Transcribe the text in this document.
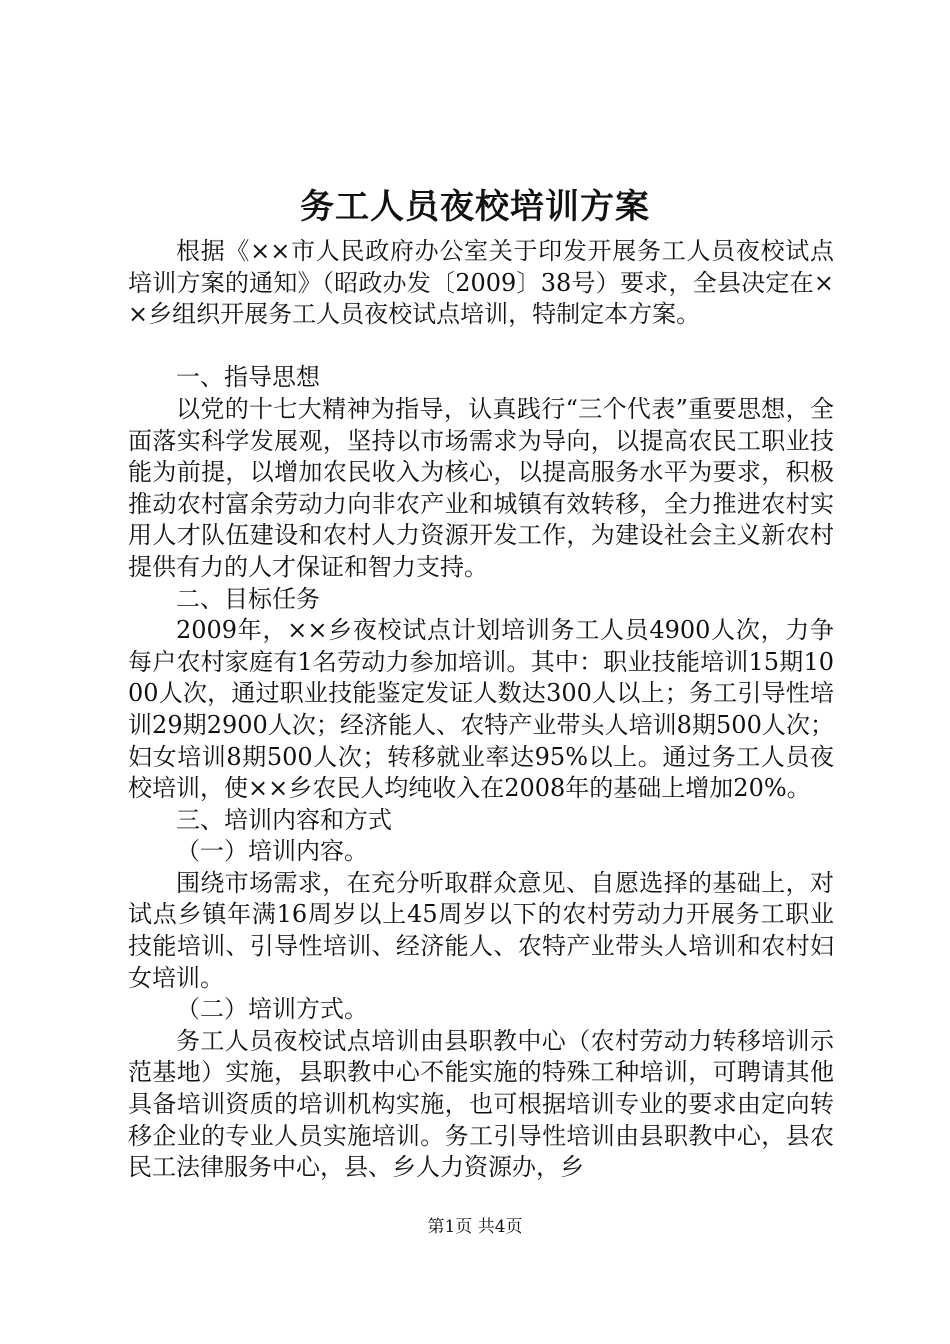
务工人员夜校培训方案

根据《××市人民政府办公室关于印发开展务工人员夜校试点培训方案的通知》（昭政办发〔2009〕38号）要求，全县决定在××乡组织开展务工人员夜校试点培训，特制定本方案。

一、指导思想

以党的十七大精神为指导，认真践行“三个代表”重要思想，全面落实科学发展观，坚持以市场需求为导向，以提高农民工职业技能为前提，以增加农民收入为核心，以提高服务水平为要求，积极推动农村富余劳动力向非农产业和城镇有效转移，全力推进农村实用人才队伍建设和农村人力资源开发工作，为建设社会主义新农村提供有力的人才保证和智力支持。

二、目标任务

2009年，××乡夜校试点计划培训务工人员4900人次，力争每户农村家庭有1名劳动力参加培训。其中：职业技能培训15期1000人次，通过职业技能鉴定发证人数达300人以上；务工引导性培训29期2900人次；经济能人、农特产业带头人培训8期500人次；妇女培训8期500人次；转移就业率达95%以上。通过务工人员夜校培训，使××乡农民人均纯收入在2008年的基础上增加20%。

三、培训内容和方式

（一）培训内容。

围绕市场需求，在充分听取群众意见、自愿选择的基础上，对试点乡镇年满16周岁以上45周岁以下的农村劳动力开展务工职业技能培训、引导性培训、经济能人、农特产业带头人培训和农村妇女培训。

（二）培训方式。

务工人员夜校试点培训由县职教中心（农村劳动力转移培训示范基地）实施，县职教中心不能实施的特殊工种培训，可聘请其他具备培训资质的培训机构实施，也可根据培训专业的要求由定向转移企业的专业人员实施培训。务工引导性培训由县职教中心，县农民工法律服务中心，县、乡人力资源办，乡

第1页 共4页
